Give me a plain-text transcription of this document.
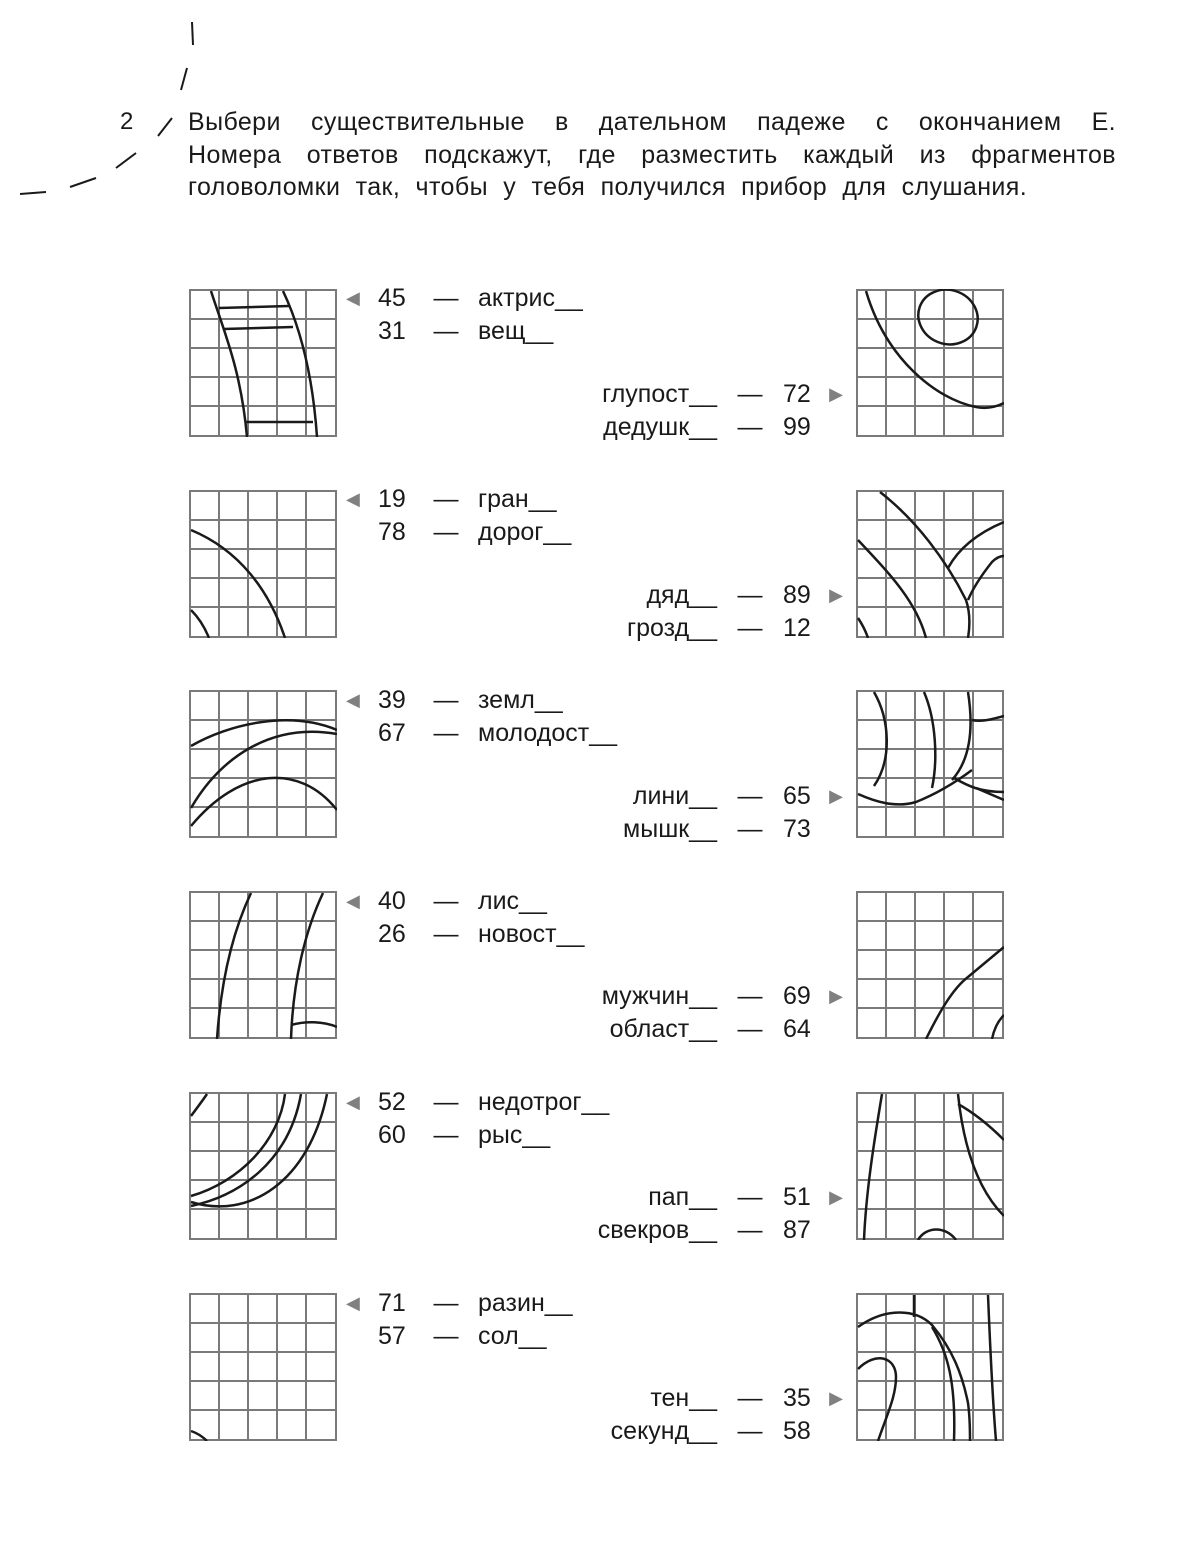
2 Выбери существительные в дательном падеже с окончанием Е. Номера ответов подскажут, где разместить каждый из фрагментов головоломки так, чтобы у тебя получился прибор для слушания.
◀ 45	— актрис__
31	— вещ__
глупост__ — 72	▶
дедушк__ — 99
◀ 19	— гран__
78	— дорог__
дяд__ — 89	▶
грозд__ — 12
◀ 39	— земл__
67	— молодост__
лини__ — 65	▶
мышк__ — 73
◀ 40	— лис__
26	— новост__
мужчин__ — 69	▶
област__ — 64
◀ 52	— недотрог__
60	— рыс__
пап__ — 51	▶
свекров__ — 87
◀ 71	— разин__
57	— сол__
тен__ — 35	▶
секунд__ — 58
